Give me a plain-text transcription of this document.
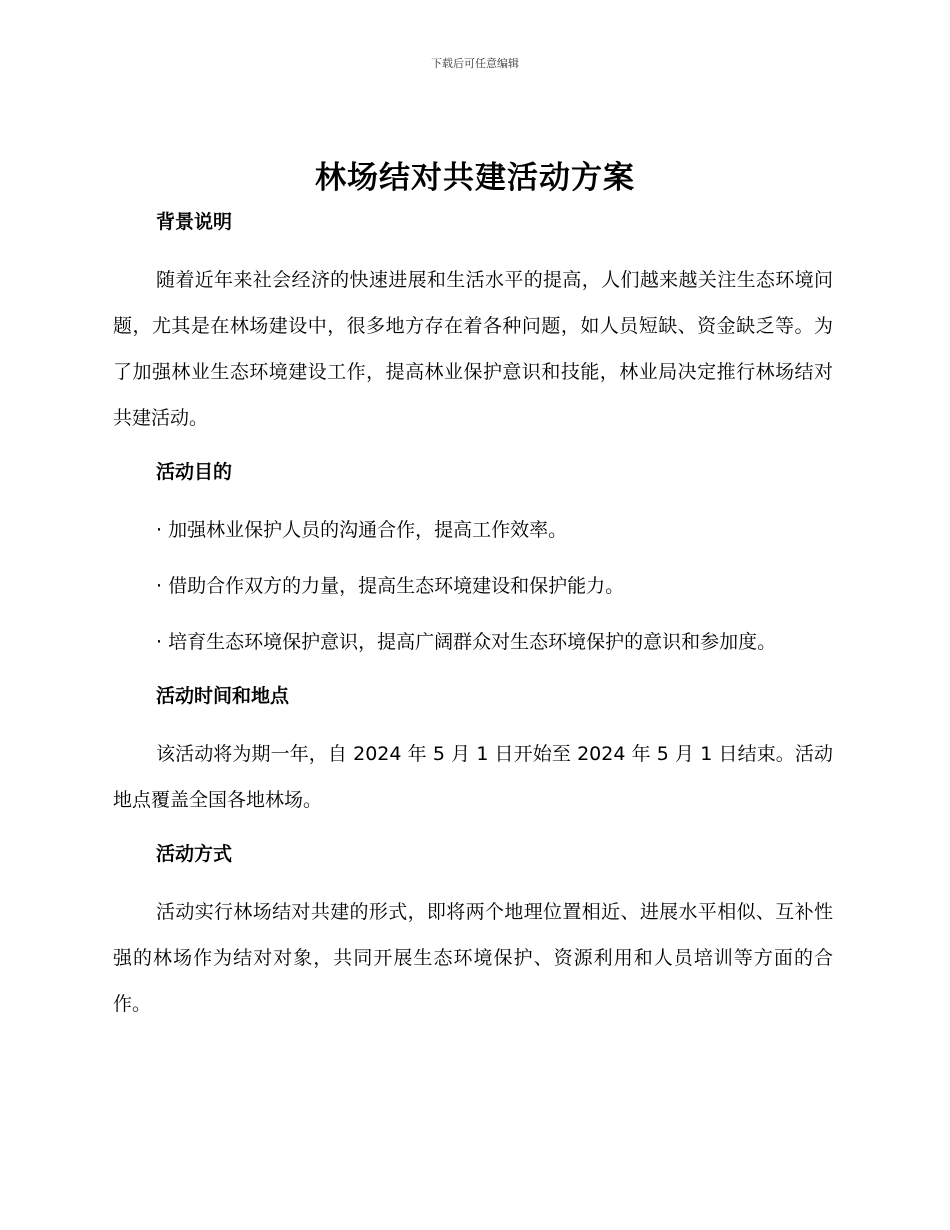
下载后可任意编辑
林场结对共建活动方案
背景说明

随着近年来社会经济的快速进展和生活水平的提高，人们越来越关注生态环境问题，尤其是在林场建设中，很多地方存在着各种问题，如人员短缺、资金缺乏等。为了加强林业生态环境建设工作，提高林业保护意识和技能，林业局决定推行林场结对共建活动。

活动目的

· 加强林业保护人员的沟通合作，提高工作效率。

· 借助合作双方的力量，提高生态环境建设和保护能力。

· 培育生态环境保护意识，提高广阔群众对生态环境保护的意识和参加度。

活动时间和地点

该活动将为期一年，自 2024 年 5 月 1 日开始至 2024 年 5 月 1 日结束。活动地点覆盖全国各地林场。

活动方式

活动实行林场结对共建的形式，即将两个地理位置相近、进展水平相似、互补性强的林场作为结对对象，共同开展生态环境保护、资源利用和人员培训等方面的合作。
